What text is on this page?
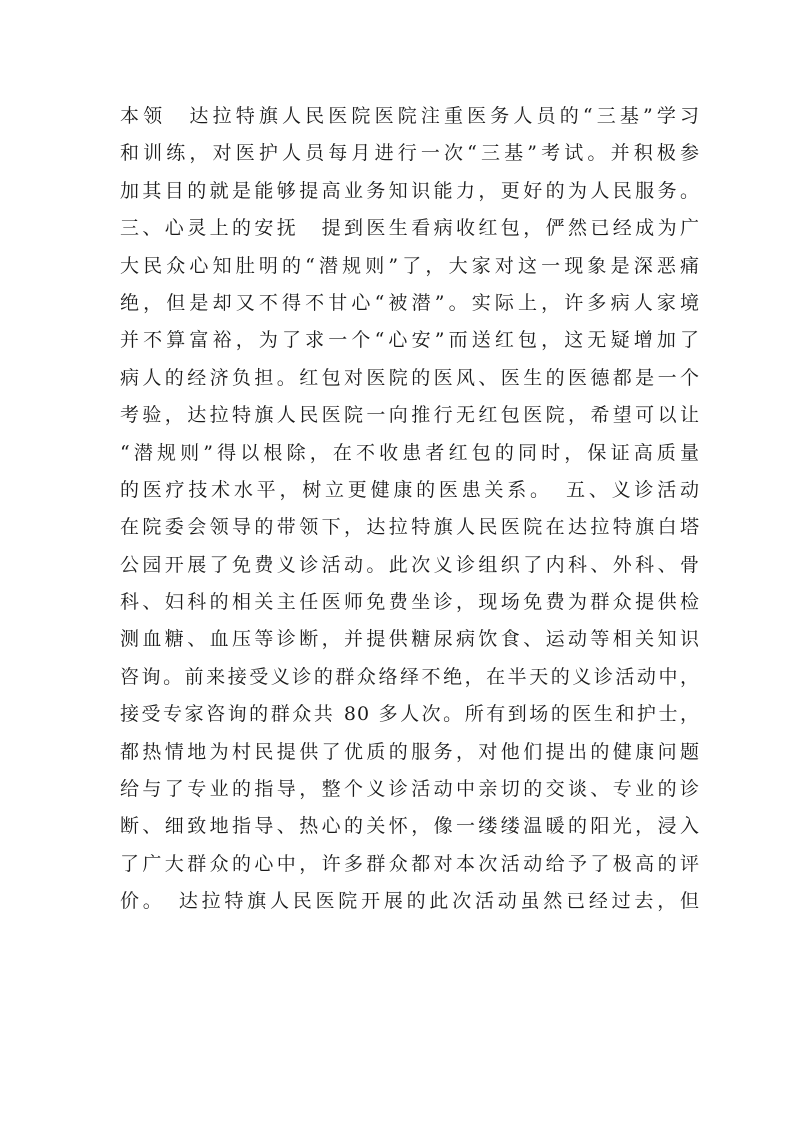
本领　达拉特旗人民医院医院注重医务人员的“三基”学习
和训练，对医护人员每月进行一次“三基”考试。并积极参
加其目的就是能够提高业务知识能力，更好的为人民服务。
三、心灵上的安抚　提到医生看病收红包，俨然已经成为广
大民众心知肚明的“潜规则”了，大家对这一现象是深恶痛
绝，但是却又不得不甘心“被潜”。实际上，许多病人家境
并不算富裕，为了求一个“心安”而送红包，这无疑增加了
病人的经济负担。红包对医院的医风、医生的医德都是一个
考验，达拉特旗人民医院一向推行无红包医院，希望可以让
“潜规则”得以根除，在不收患者红包的同时，保证高质量
的医疗技术水平，树立更健康的医患关系。　五、义诊活动
在院委会领导的带领下，达拉特旗人民医院在达拉特旗白塔
公园开展了免费义诊活动。此次义诊组织了内科、外科、骨
科、妇科的相关主任医师免费坐诊，现场免费为群众提供检
测血糖、血压等诊断，并提供糖尿病饮食、运动等相关知识
咨询。前来接受义诊的群众络绎不绝，在半天的义诊活动中，
接受专家咨询的群众共 80 多人次。所有到场的医生和护士，
都热情地为村民提供了优质的服务，对他们提出的健康问题
给与了专业的指导，整个义诊活动中亲切的交谈、专业的诊
断、细致地指导、热心的关怀，像一缕缕温暖的阳光，浸入
了广大群众的心中，许多群众都对本次活动给予了极高的评
价。　达拉特旗人民医院开展的此次活动虽然已经过去，但
